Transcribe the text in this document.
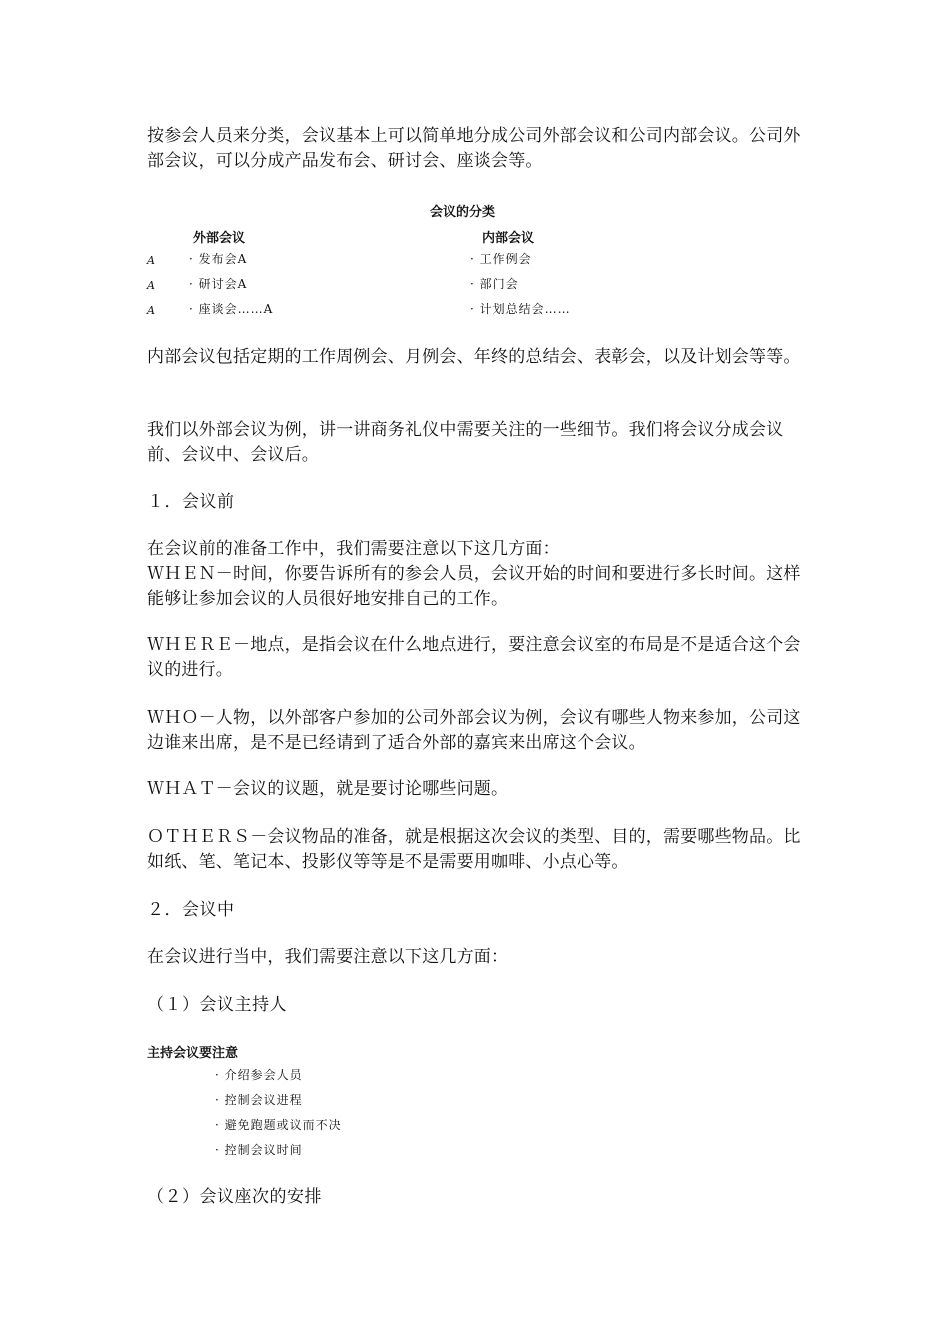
按参会人员来分类，会议基本上可以简单地分成公司外部会议和公司内部会议。公司外部会议，可以分成产品发布会、研讨会、座谈会等。

会议的分类

外部会议	内部会议

A

A

A

· 发布会A

· 研讨会A

· 座谈会……A

· 工作例会

· 部门会

· 计划总结会……

内部会议包括定期的工作周例会、月例会、年终的总结会、表彰会，以及计划会等等。

我们以外部会议为例，讲一讲商务礼仪中需要关注的一些细节。我们将会议分成会议前、会议中、会议后。

１．会议前

在会议前的准备工作中，我们需要注意以下这几方面：

ＷＨＥＮ－时间，你要告诉所有的参会人员，会议开始的时间和要进行多长时间。这样能够让参加会议的人员很好地安排自己的工作。

ＷＨＥＲＥ－地点，是指会议在什么地点进行，要注意会议室的布局是不是适合这个会议的进行。

ＷＨＯ－人物，以外部客户参加的公司外部会议为例，会议有哪些人物来参加，公司这边谁来出席，是不是已经请到了适合外部的嘉宾来出席这个会议。

ＷＨＡＴ－会议的议题，就是要讨论哪些问题。

ＯＴＨＥＲＳ－会议物品的准备，就是根据这次会议的类型、目的，需要哪些物品。比如纸、笔、笔记本、投影仪等等是不是需要用咖啡、小点心等。

２．会议中

在会议进行当中，我们需要注意以下这几方面：

（１）会议主持人

主持会议要注意

· 介绍参会人员

· 控制会议进程

· 避免跑题或议而不决

· 控制会议时间

（２）会议座次的安排
